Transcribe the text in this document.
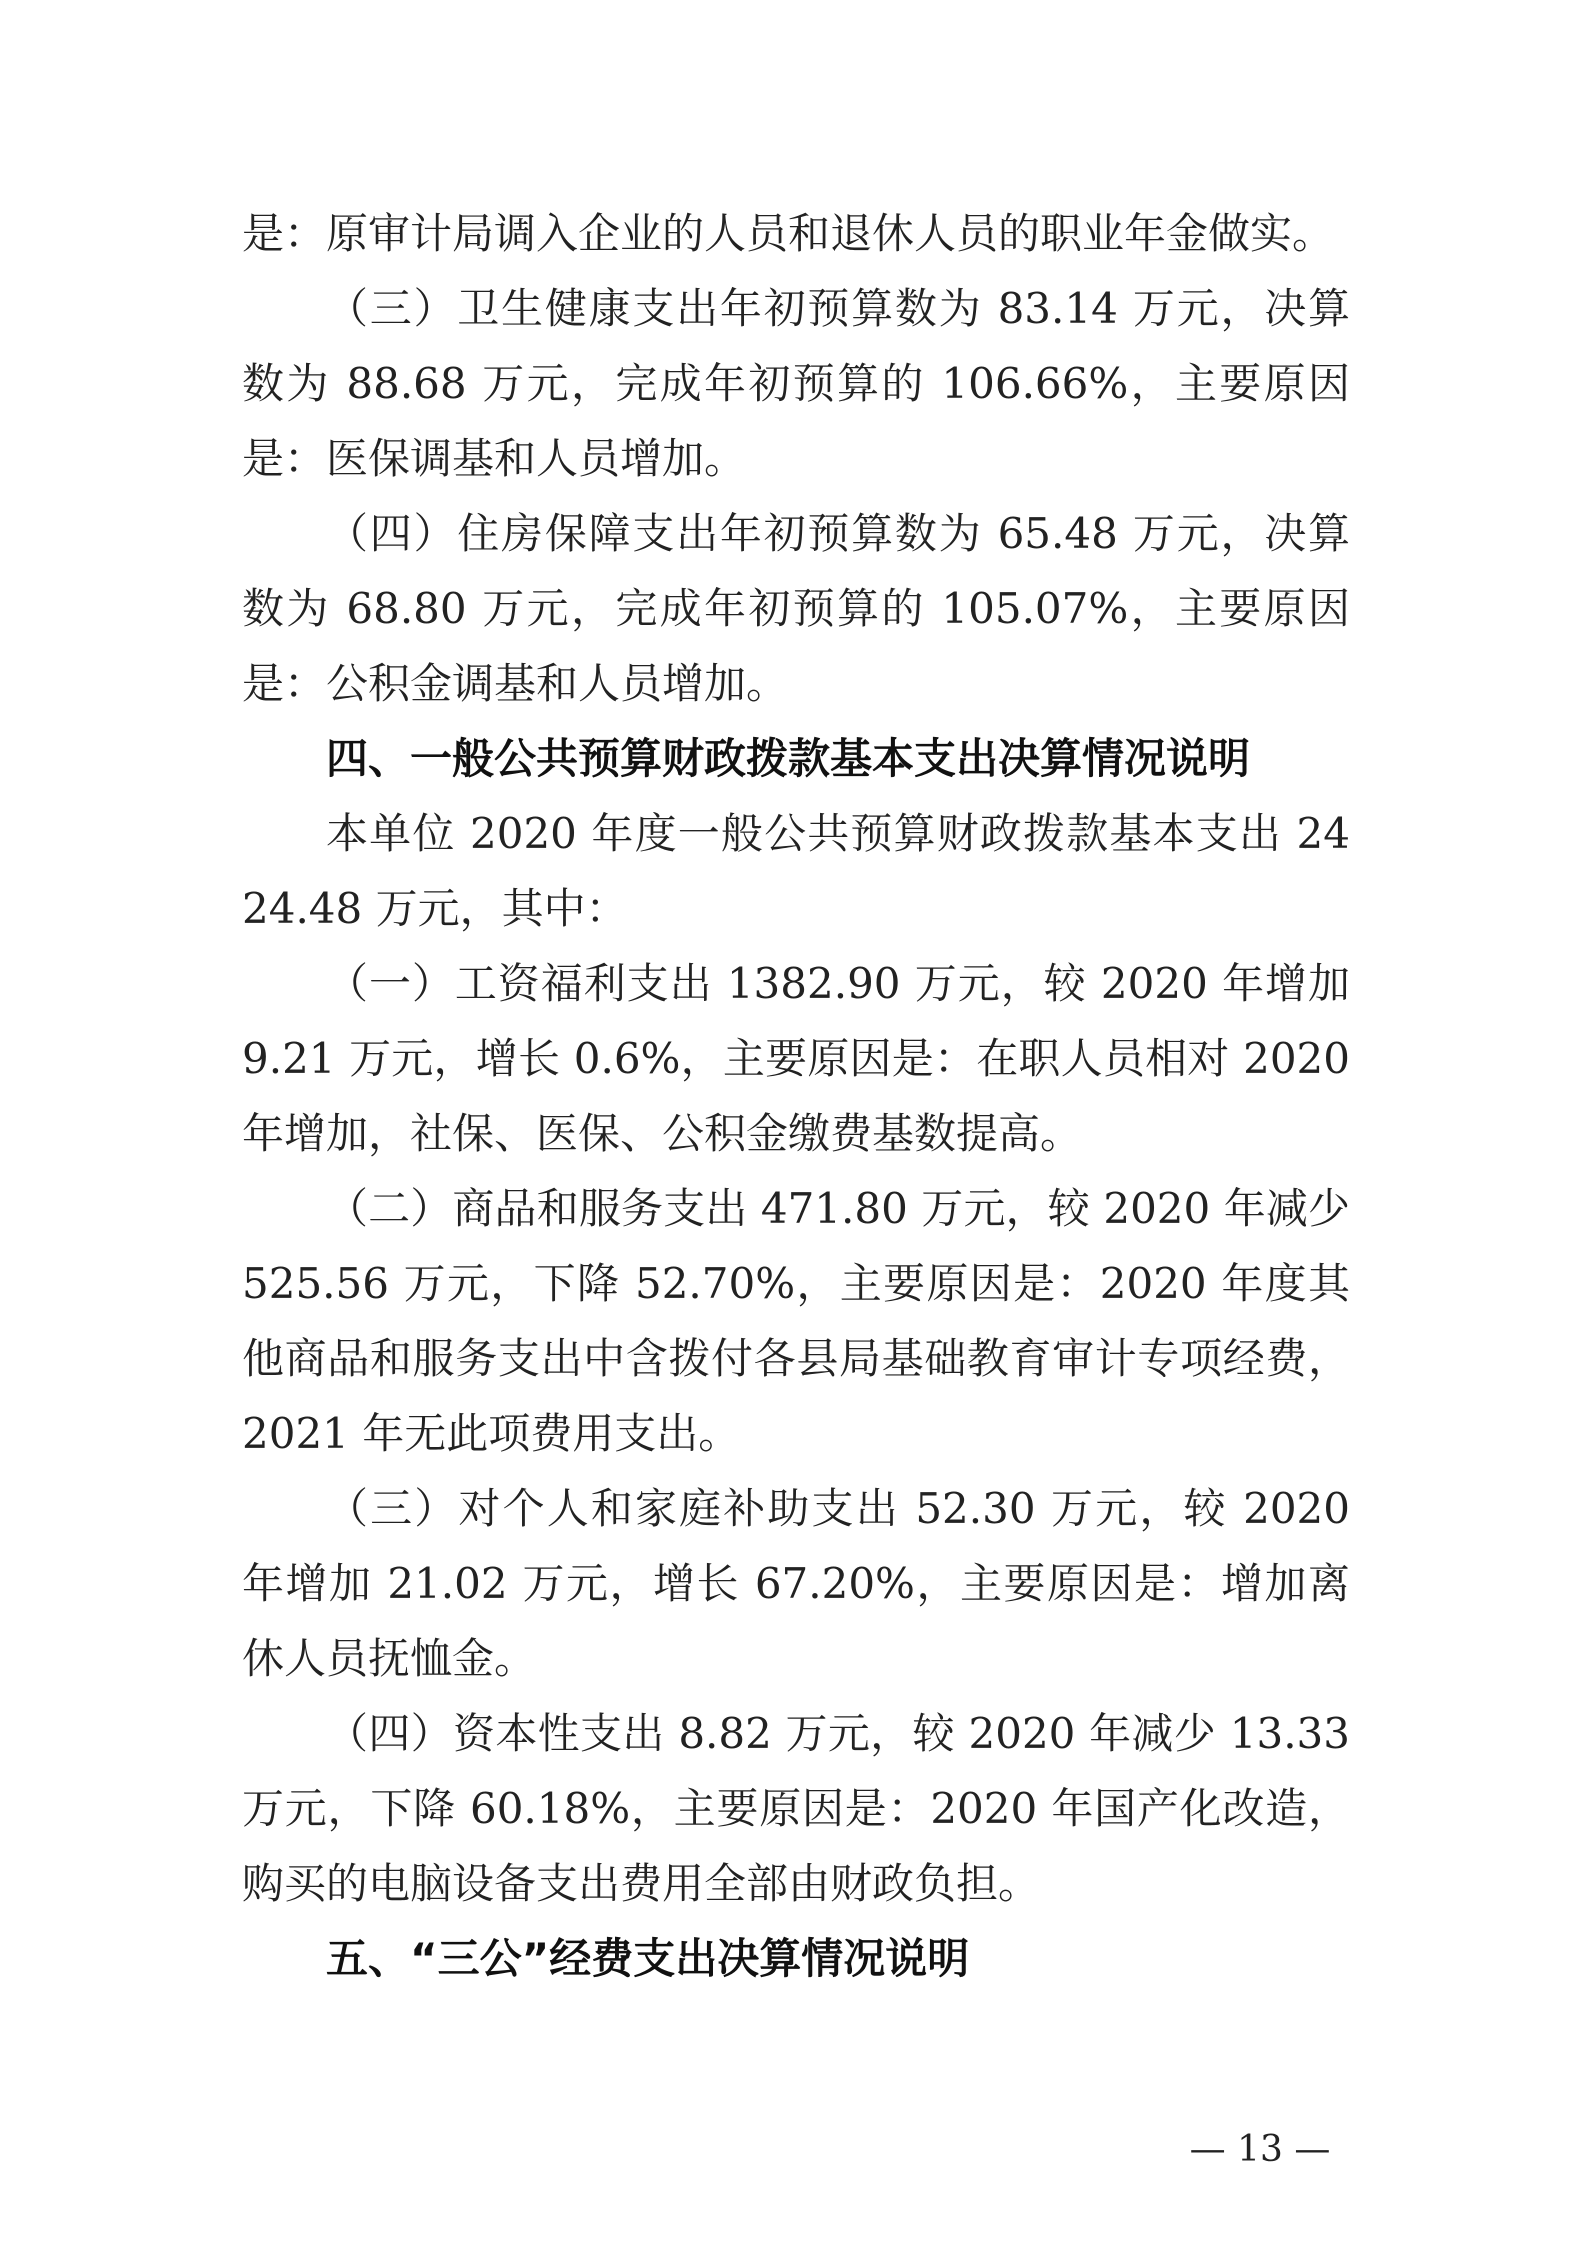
是：原审计局调入企业的人员和退休人员的职业年金做实。

（三）卫生健康支出年初预算数为 83.14 万元，决算数为 88.68 万元，完成年初预算的 106.66%，主要原因是：医保调基和人员增加。

（四）住房保障支出年初预算数为 65.48 万元，决算数为 68.80 万元，完成年初预算的 105.07%，主要原因是：公积金调基和人员增加。

四、一般公共预算财政拨款基本支出决算情况说明

本单位 2020 年度一般公共预算财政拨款基本支出 2424.48 万元，其中：

（一）工资福利支出 1382.90 万元，较 2020 年增加 9.21 万元，增长 0.6%，主要原因是：在职人员相对 2020 年增加，社保、医保、公积金缴费基数提高。

（二）商品和服务支出 471.80 万元，较 2020 年减少 525.56 万元，下降 52.70%，主要原因是：2020 年度其他商品和服务支出中含拨付各县局基础教育审计专项经费，2021 年无此项费用支出。

（三）对个人和家庭补助支出 52.30 万元，较 2020 年增加 21.02 万元，增长 67.20%，主要原因是：增加离休人员抚恤金。

（四）资本性支出 8.82 万元，较 2020 年减少 13.33 万元，下降 60.18%，主要原因是：2020 年国产化改造，购买的电脑设备支出费用全部由财政负担。

五、“三公”经费支出决算情况说明

— 13 —
